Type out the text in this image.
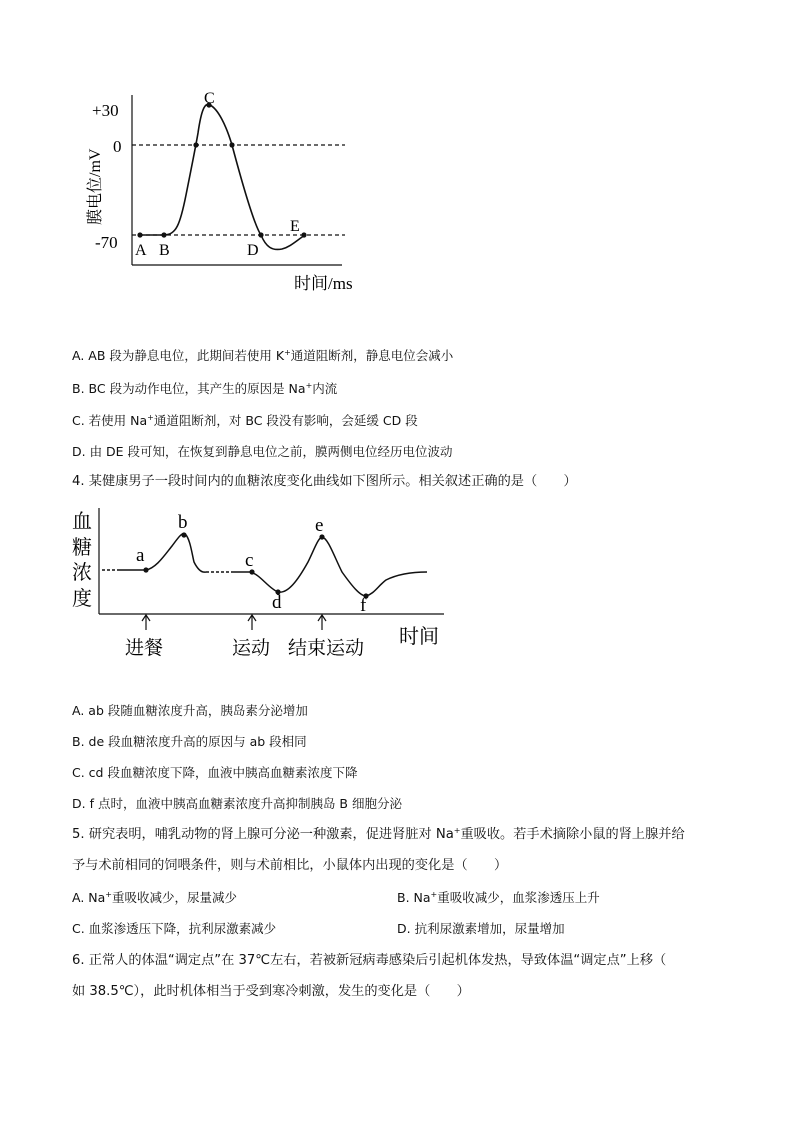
+30
0
-70
膜电位/mV
A B
C
D
E
时间/ms
A. AB 段为静息电位，此期间若使用 K+通道阻断剂，静息电位会减小
B. BC 段为动作电位，其产生的原因是 Na+内流
C. 若使用 Na+通道阻断剂，对 BC 段没有影响，会延缓 CD 段
D. 由 DE 段可知，在恢复到静息电位之前，膜两侧电位经历电位波动
4. 某健康男子一段时间内的血糖浓度变化曲线如下图所示。相关叙述正确的是（　　）
血
糖
浓
度
a
b
c
d
e
f
进餐	运动 结束运动
时间
A. ab 段随血糖浓度升高，胰岛素分泌增加
B. de 段血糖浓度升高的原因与 ab 段相同
C. cd 段血糖浓度下降，血液中胰高血糖素浓度下降
D. f 点时，血液中胰高血糖素浓度升高抑制胰岛 B 细胞分泌
5. 研究表明，哺乳动物的肾上腺可分泌一种激素，促进肾脏对 Na+重吸收。若手术摘除小鼠的肾上腺并给
予与术前相同的饲喂条件，则与术前相比，小鼠体内出现的变化是（　　）
A. Na+重吸收减少，尿量减少	B. Na+重吸收减少，血浆渗透压上升
C. 血浆渗透压下降，抗利尿激素减少	D. 抗利尿激素增加，尿量增加
6. 正常人的体温“调定点”在 37℃左右，若被新冠病毒感染后引起机体发热，导致体温“调定点”上移（
如 38.5℃），此时机体相当于受到寒冷刺激，发生的变化是（　　）
